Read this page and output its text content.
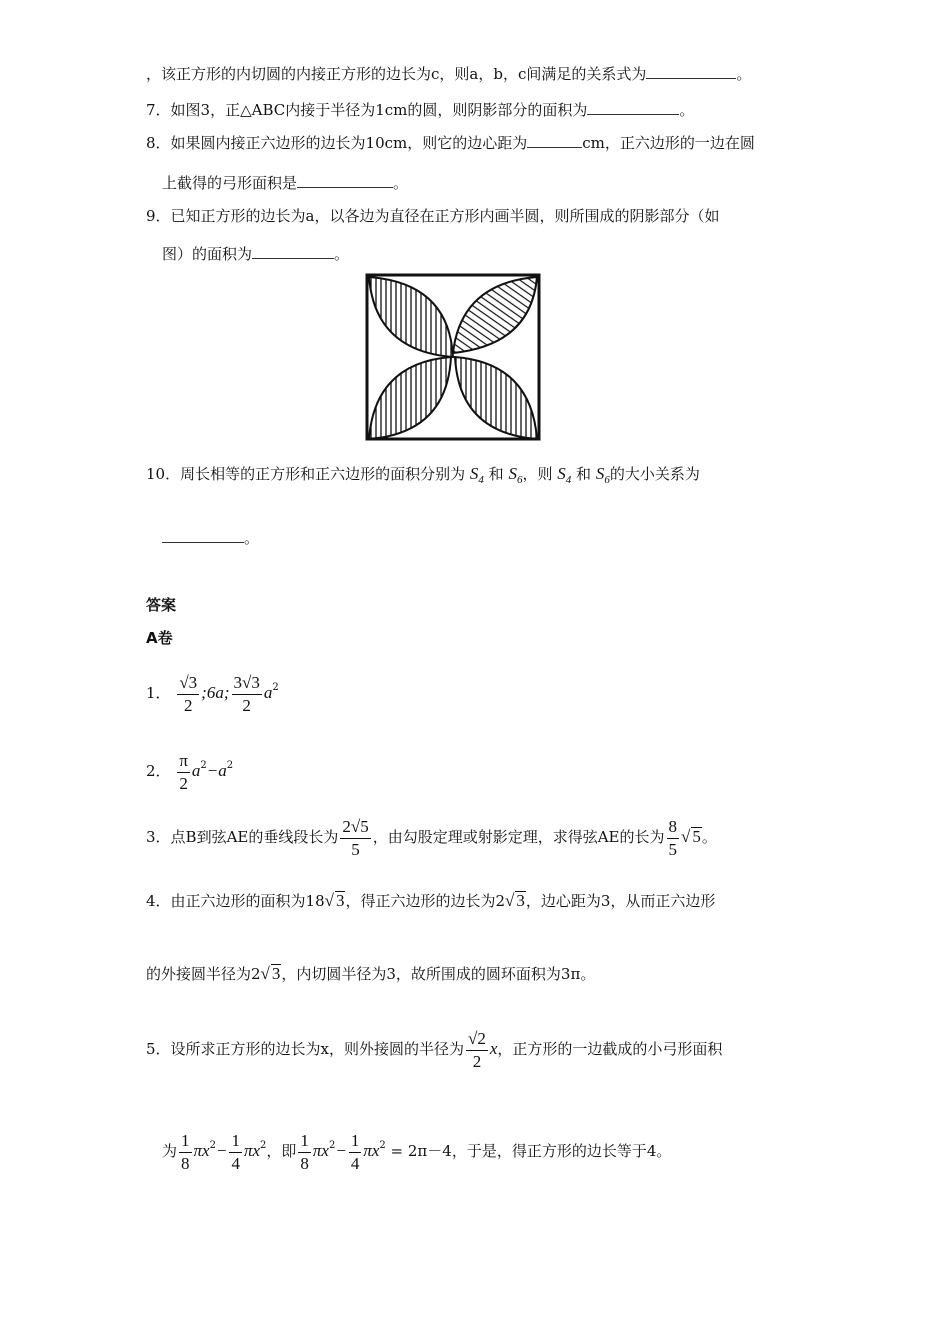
，该正方形的内切圆的内接正方形的边长为c，则a，b，c间满足的关系式为	。
7．如图3，正△ABC内接于半径为1cm的圆，则阴影部分的面积为	。
8．如果圆内接正六边形的边长为10cm，则它的边心距为	cm，正六边形的一边在圆
上截得的弓形面积是	。
9．已知正方形的边长为a，以各边为直径在正方形内画半圆，则所围成的阴影部分（如
图）的面积为	。
10．周长相等的正方形和正六边形的面积分别为 $S_4$ 和 $S_6$，则 $S_4$ 和 $S_6$的大小关系为
。
答案
A卷
1． $\frac{√3}{2}$ ;6a; $\frac{3√3}{2} a^2$
2． $\frac{\pi}{2} a^2-a^2$
3．点B到弦AE的垂线段长为 $\frac{2√5}{5}$ ，由勾股定理或射影定理，求得弦AE的长为 $\frac{8}{5}$ √ 5。
4．由正六边形的面积为18√ 3，得正六边形的边长为2√ 3，边心距为3，从而正六边形
的外接圆半径为2√ 3，内切圆半径为3，故所围成的圆环面积为3π。
5．设所求正方形的边长为x，则外接圆的半径为 $\frac{√2}{2}$ x，正方形的一边截成的小弓形面积
为 $\frac{1}{8} \pi x^2- \frac{1}{4} \pi x^2$，即 $\frac{1}{8} \pi x^2- \frac{1}{4} \pi x^2 = 2\pi-4$，于是，得正方形的边长等于4。
